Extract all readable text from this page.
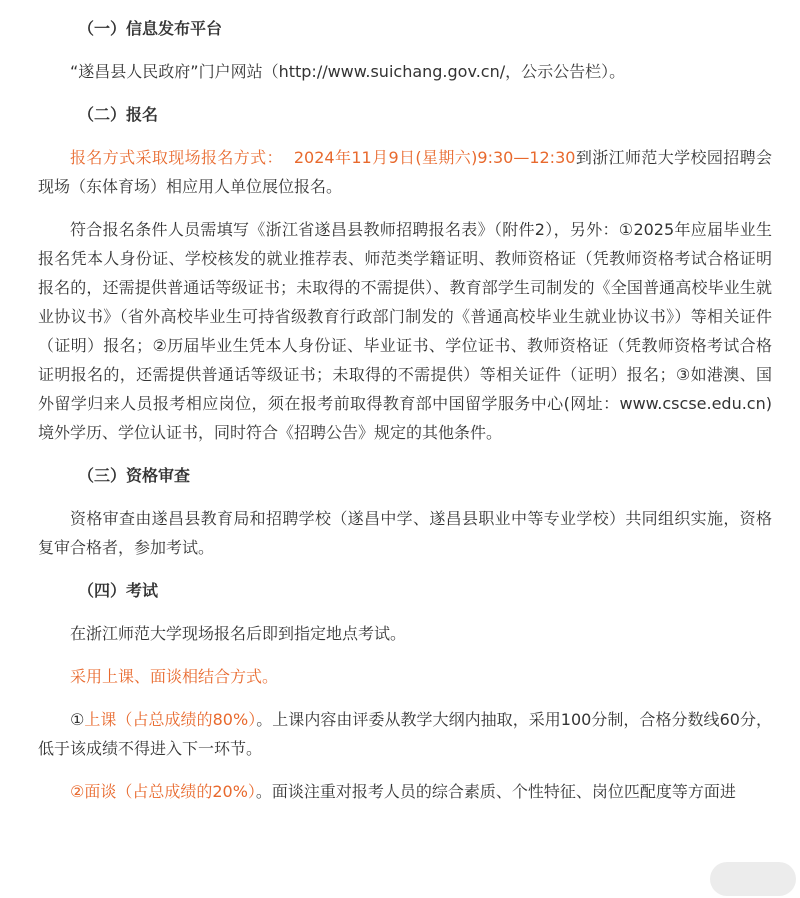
（一）信息发布平台
“遂昌县人民政府”门户网站（http://www.suichang.gov.cn/，公示公告栏）。
（二）报名
报名方式采取现场报名方式： 2024年11月9日(星期六)9:30—12:30到浙江师范大学校园招聘会现场（东体育场）相应用人单位展位报名。
符合报名条件人员需填写《浙江省遂昌县教师招聘报名表》（附件2），另外：①2025年应届毕业生报名凭本人身份证、学校核发的就业推荐表、师范类学籍证明、教师资格证（凭教师资格考试合格证明报名的，还需提供普通话等级证书；未取得的不需提供）、教育部学生司制发的《全国普通高校毕业生就业协议书》（省外高校毕业生可持省级教育行政部门制发的《普通高校毕业生就业协议书》）等相关证件（证明）报名；②历届毕业生凭本人身份证、毕业证书、学位证书、教师资格证（凭教师资格考试合格证明报名的，还需提供普通话等级证书；未取得的不需提供）等相关证件（证明）报名；③如港澳、国外留学归来人员报考相应岗位，须在报考前取得教育部中国留学服务中心(网址：www.cscse.edu.cn)境外学历、学位认证书，同时符合《招聘公告》规定的其他条件。
（三）资格审查
资格审查由遂昌县教育局和招聘学校（遂昌中学、遂昌县职业中等专业学校）共同组织实施，资格复审合格者，参加考试。
（四）考试
在浙江师范大学现场报名后即到指定地点考试。
采用上课、面谈相结合方式。
①上课（占总成绩的80%）。上课内容由评委从教学大纲内抽取，采用100分制，合格分数线60分，低于该成绩不得进入下一环节。
②面谈（占总成绩的20%）。面谈注重对报考人员的综合素质、个性特征、岗位匹配度等方面进
